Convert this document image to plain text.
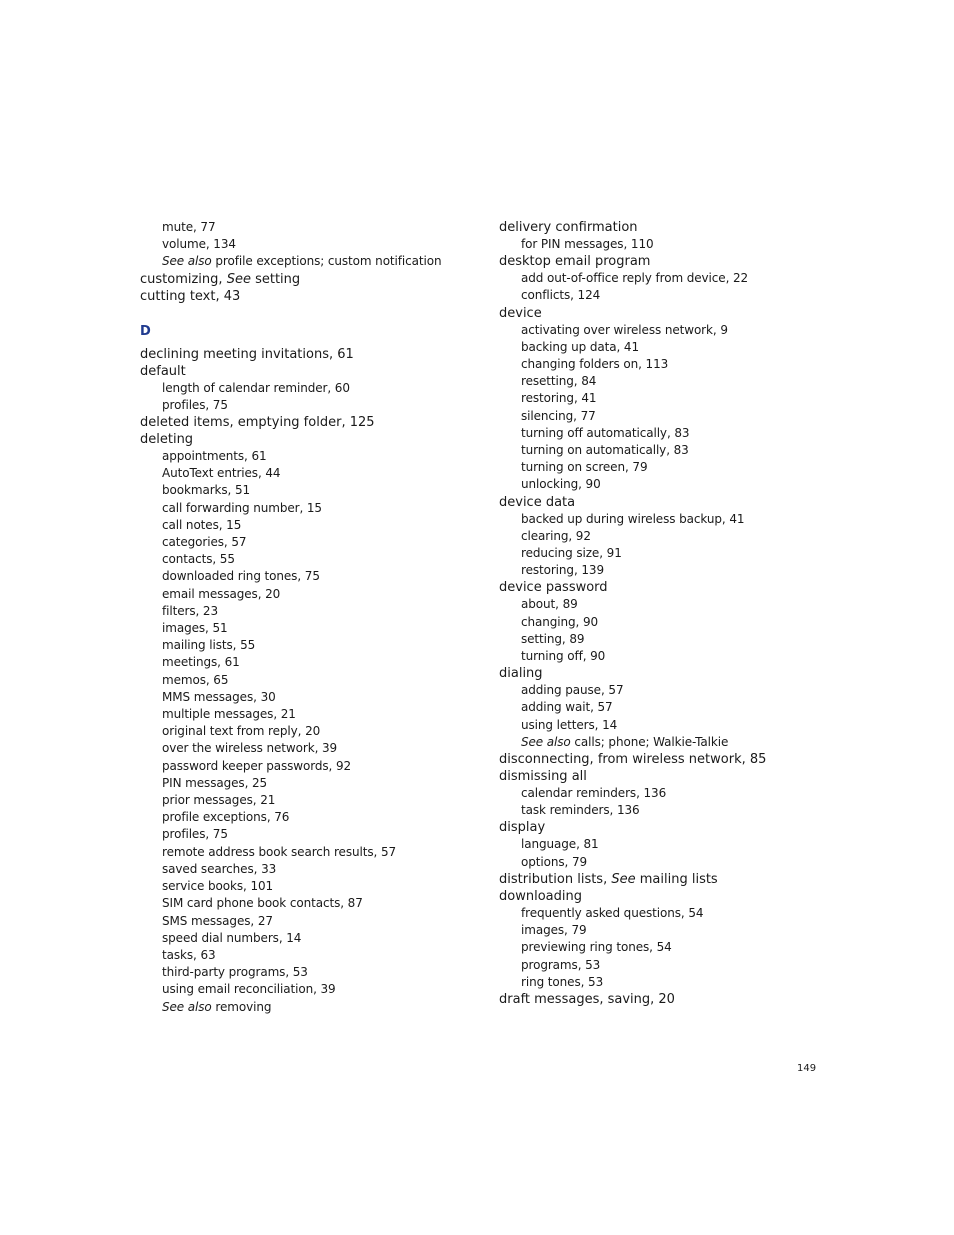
mute, 77
volume, 134
See also profile exceptions; custom notification
customizing, See setting
cutting text, 43
D
declining meeting invitations, 61
default
length of calendar reminder, 60
profiles, 75
deleted items, emptying folder, 125
deleting
appointments, 61
AutoText entries, 44
bookmarks, 51
call forwarding number, 15
call notes, 15
categories, 57
contacts, 55
downloaded ring tones, 75
email messages, 20
filters, 23
images, 51
mailing lists, 55
meetings, 61
memos, 65
MMS messages, 30
multiple messages, 21
original text from reply, 20
over the wireless network, 39
password keeper passwords, 92
PIN messages, 25
prior messages, 21
profile exceptions, 76
profiles, 75
remote address book search results, 57
saved searches, 33
service books, 101
SIM card phone book contacts, 87
SMS messages, 27
speed dial numbers, 14
tasks, 63
third-party programs, 53
using email reconciliation, 39
See also removing
delivery confirmation
for PIN messages, 110
desktop email program
add out-of-office reply from device, 22
conflicts, 124
device
activating over wireless network, 9
backing up data, 41
changing folders on, 113
resetting, 84
restoring, 41
silencing, 77
turning off automatically, 83
turning on automatically, 83
turning on screen, 79
unlocking, 90
device data
backed up during wireless backup, 41
clearing, 92
reducing size, 91
restoring, 139
device password
about, 89
changing, 90
setting, 89
turning off, 90
dialing
adding pause, 57
adding wait, 57
using letters, 14
See also calls; phone; Walkie-Talkie
disconnecting, from wireless network, 85
dismissing all
calendar reminders, 136
task reminders, 136
display
language, 81
options, 79
distribution lists, See mailing lists
downloading
frequently asked questions, 54
images, 79
previewing ring tones, 54
programs, 53
ring tones, 53
draft messages, saving, 20
149
